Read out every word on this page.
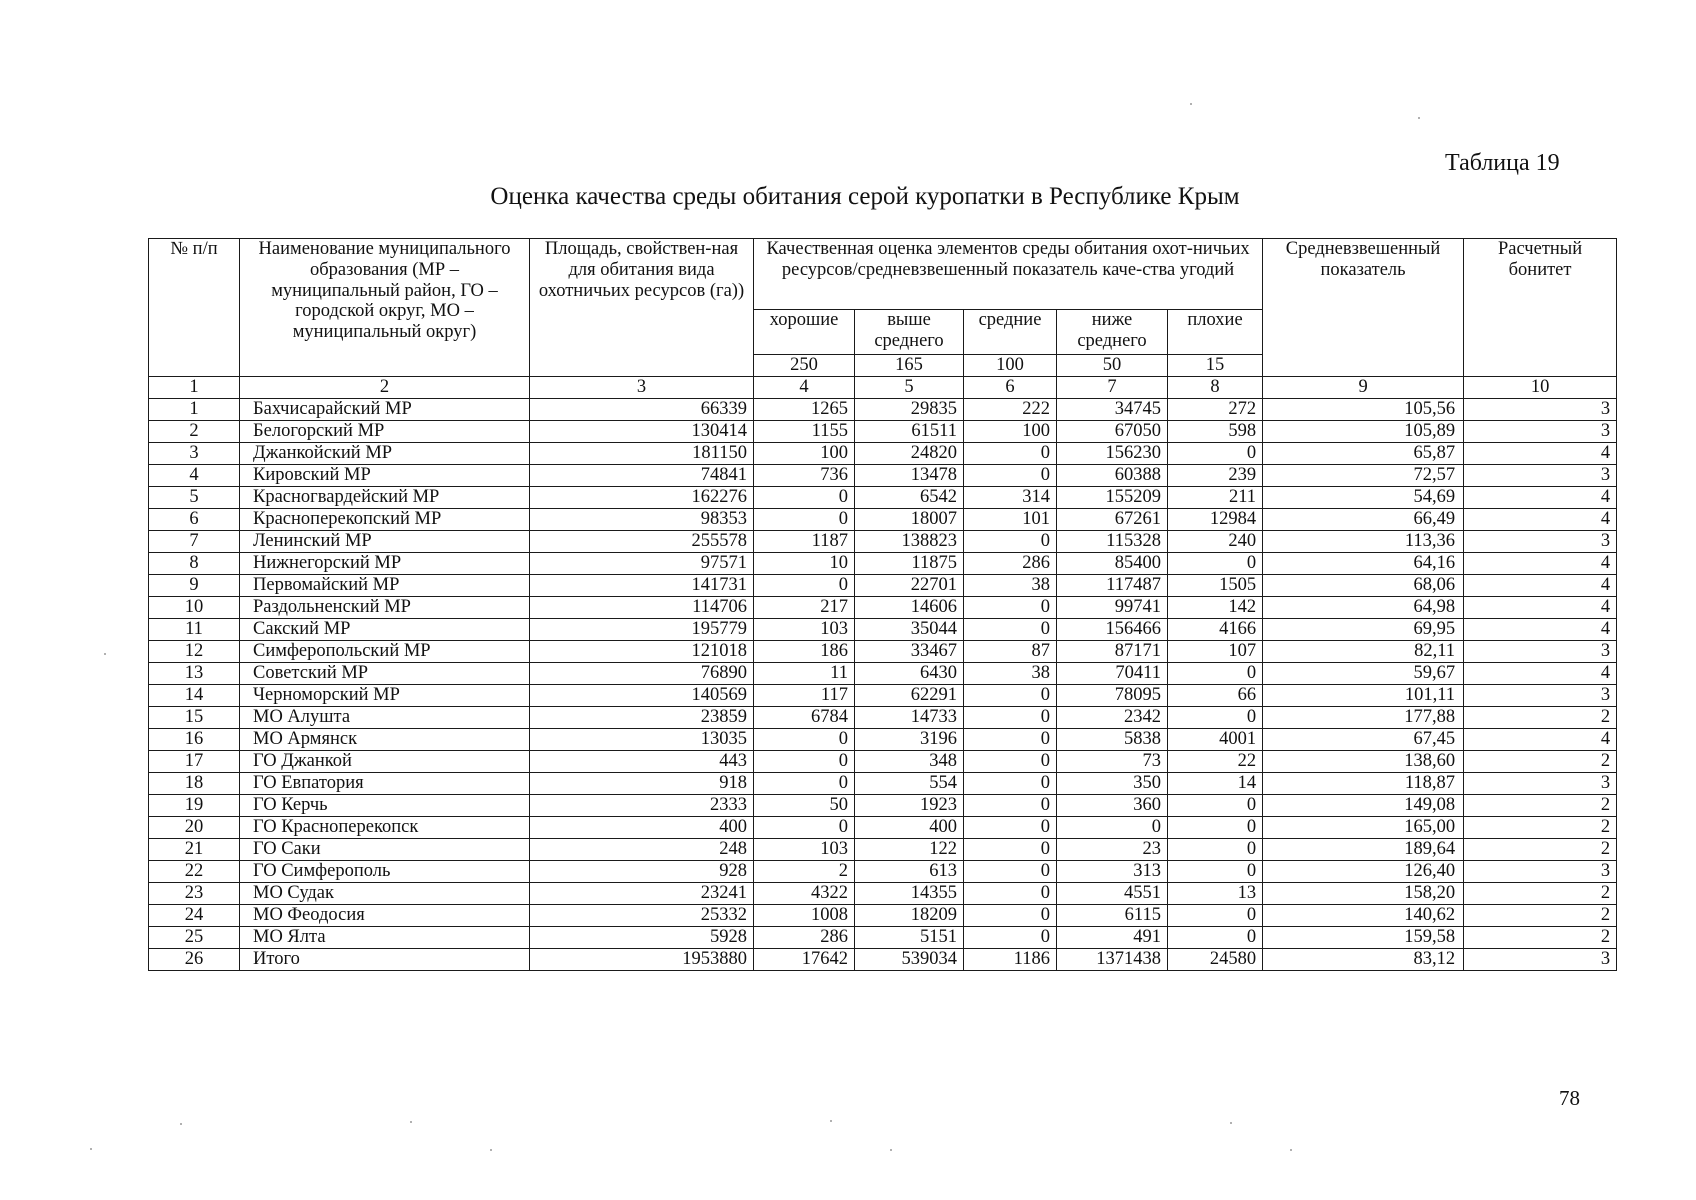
Таблица 19
Оценка качества среды обитания серой куропатки в Республике Крым
№ п/п	Наименование муниципального образования (МР – муниципальный район, ГО – городской округ, МО – муниципальный округ)	Площадь, свойствен-ная для обитания вида охотничьих ресурсов (га))	Качественная оценка элементов среды обитания охот-ничьих ресурсов/средневзвешенный показатель каче-ства угодий					Средневзвешенный показатель	Расчетный бонитет
			хорошие	выше среднего	средние	ниже среднего	плохие		
			250	165	100	50	15		
1	2	3	4	5	6	7	8	9	10
1	Бахчисарайский МР	66339	1265	29835	222	34745	272	105,56	3
2	Белогорский МР	130414	1155	61511	100	67050	598	105,89	3
3	Джанкойский МР	181150	100	24820	0	156230	0	65,87	4
4	Кировский МР	74841	736	13478	0	60388	239	72,57	3
5	Красногвардейский МР	162276	0	6542	314	155209	211	54,69	4
6	Красноперекопский МР	98353	0	18007	101	67261	12984	66,49	4
7	Ленинский МР	255578	1187	138823	0	115328	240	113,36	3
8	Нижнегорский МР	97571	10	11875	286	85400	0	64,16	4
9	Первомайский МР	141731	0	22701	38	117487	1505	68,06	4
10	Раздольненский МР	114706	217	14606	0	99741	142	64,98	4
11	Сакский МР	195779	103	35044	0	156466	4166	69,95	4
12	Симферопольский МР	121018	186	33467	87	87171	107	82,11	3
13	Советский МР	76890	11	6430	38	70411	0	59,67	4
14	Черноморский МР	140569	117	62291	0	78095	66	101,11	3
15	МО Алушта	23859	6784	14733	0	2342	0	177,88	2
16	МО Армянск	13035	0	3196	0	5838	4001	67,45	4
17	ГО Джанкой	443	0	348	0	73	22	138,60	2
18	ГО Евпатория	918	0	554	0	350	14	118,87	3
19	ГО Керчь	2333	50	1923	0	360	0	149,08	2
20	ГО Красноперекопск	400	0	400	0	0	0	165,00	2
21	ГО Саки	248	103	122	0	23	0	189,64	2
22	ГО Симферополь	928	2	613	0	313	0	126,40	3
23	МО Судак	23241	4322	14355	0	4551	13	158,20	2
24	МО Феодосия	25332	1008	18209	0	6115	0	140,62	2
25	МО Ялта	5928	286	5151	0	491	0	159,58	2
26	Итого	1953880	17642	539034	1186	1371438	24580	83,12	3
78
